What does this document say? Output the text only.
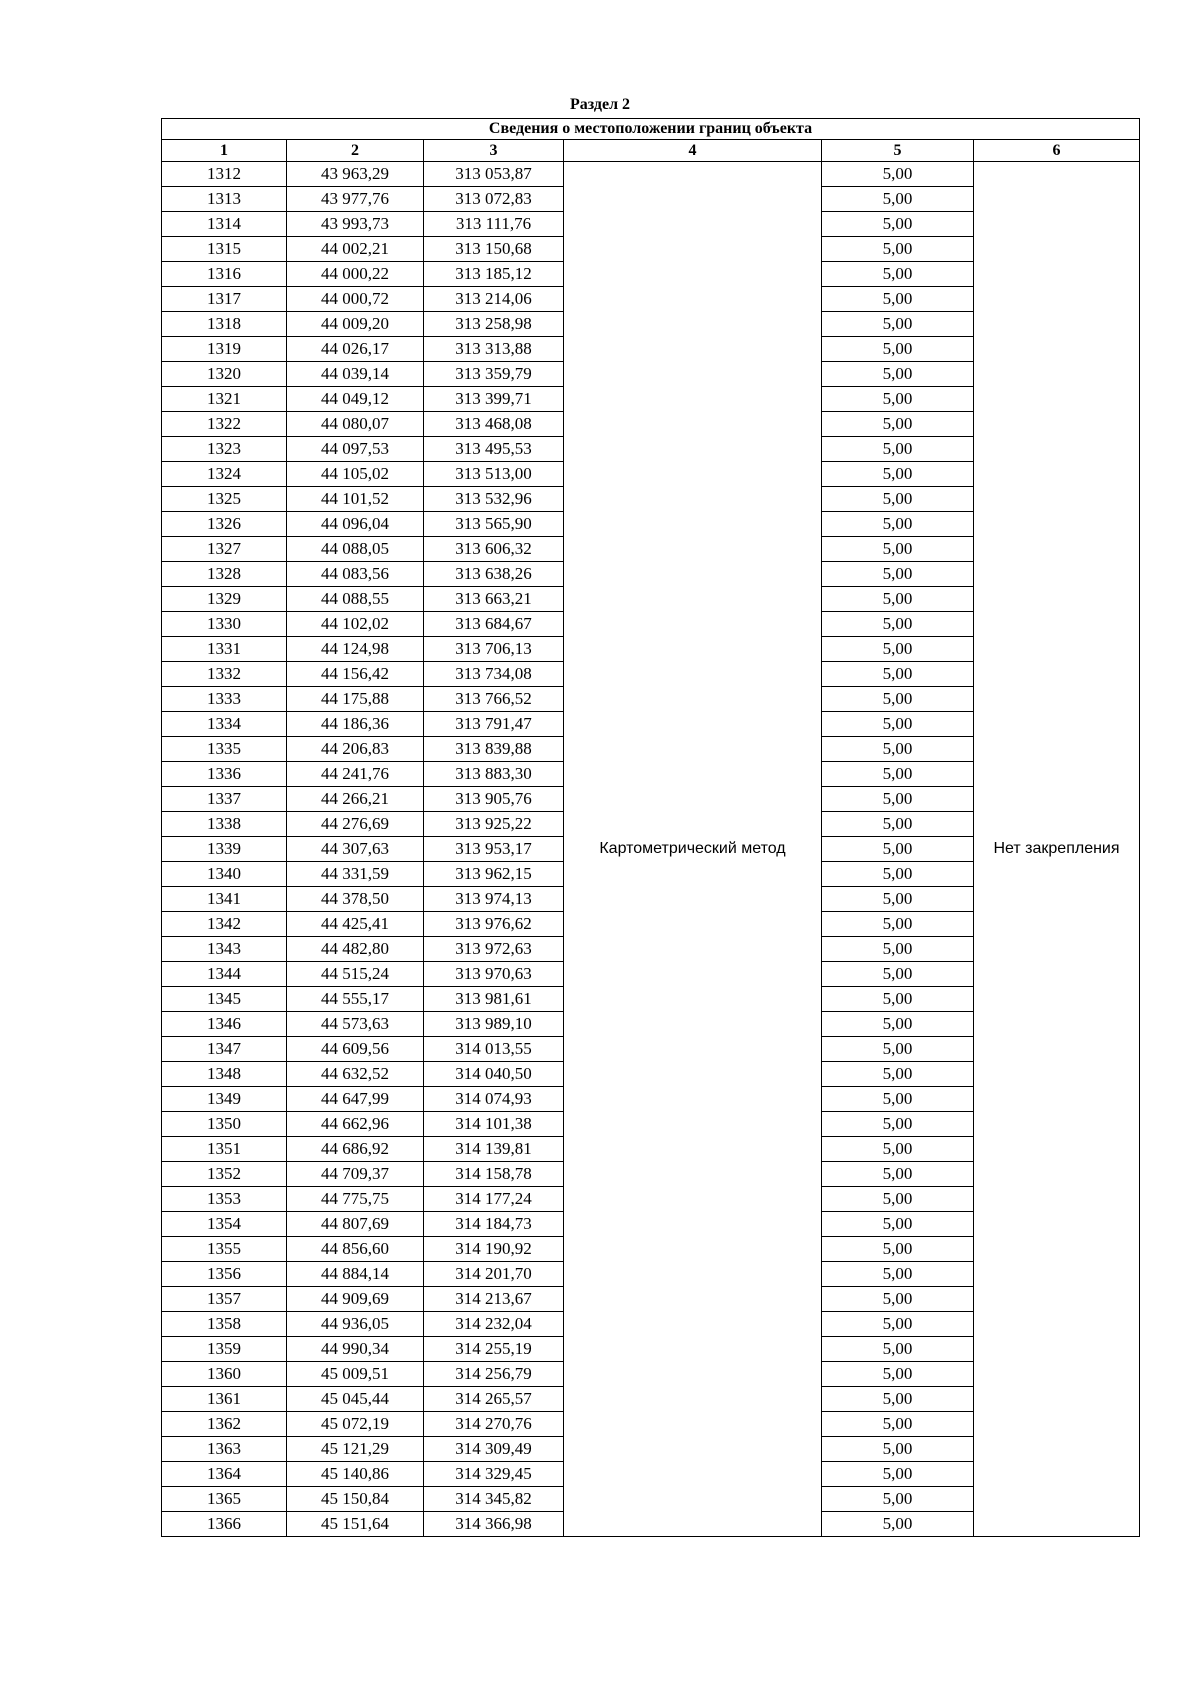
Раздел 2
Сведения о местоположении границ объекта					
1	2	3	4	5	6
1312	43 963,29	313 053,87	Картометрический метод	5,00	Нет закрепления
1313	43 977,76	313 072,83		5,00	
1314	43 993,73	313 111,76		5,00	
1315	44 002,21	313 150,68		5,00	
1316	44 000,22	313 185,12		5,00	
1317	44 000,72	313 214,06		5,00	
1318	44 009,20	313 258,98		5,00	
1319	44 026,17	313 313,88		5,00	
1320	44 039,14	313 359,79		5,00	
1321	44 049,12	313 399,71		5,00	
1322	44 080,07	313 468,08		5,00	
1323	44 097,53	313 495,53		5,00	
1324	44 105,02	313 513,00		5,00	
1325	44 101,52	313 532,96		5,00	
1326	44 096,04	313 565,90		5,00	
1327	44 088,05	313 606,32		5,00	
1328	44 083,56	313 638,26		5,00	
1329	44 088,55	313 663,21		5,00	
1330	44 102,02	313 684,67		5,00	
1331	44 124,98	313 706,13		5,00	
1332	44 156,42	313 734,08		5,00	
1333	44 175,88	313 766,52		5,00	
1334	44 186,36	313 791,47		5,00	
1335	44 206,83	313 839,88		5,00	
1336	44 241,76	313 883,30		5,00	
1337	44 266,21	313 905,76		5,00	
1338	44 276,69	313 925,22		5,00	
1339	44 307,63	313 953,17		5,00	
1340	44 331,59	313 962,15		5,00	
1341	44 378,50	313 974,13		5,00	
1342	44 425,41	313 976,62		5,00	
1343	44 482,80	313 972,63		5,00	
1344	44 515,24	313 970,63		5,00	
1345	44 555,17	313 981,61		5,00	
1346	44 573,63	313 989,10		5,00	
1347	44 609,56	314 013,55		5,00	
1348	44 632,52	314 040,50		5,00	
1349	44 647,99	314 074,93		5,00	
1350	44 662,96	314 101,38		5,00	
1351	44 686,92	314 139,81		5,00	
1352	44 709,37	314 158,78		5,00	
1353	44 775,75	314 177,24		5,00	
1354	44 807,69	314 184,73		5,00	
1355	44 856,60	314 190,92		5,00	
1356	44 884,14	314 201,70		5,00	
1357	44 909,69	314 213,67		5,00	
1358	44 936,05	314 232,04		5,00	
1359	44 990,34	314 255,19		5,00	
1360	45 009,51	314 256,79		5,00	
1361	45 045,44	314 265,57		5,00	
1362	45 072,19	314 270,76		5,00	
1363	45 121,29	314 309,49		5,00	
1364	45 140,86	314 329,45		5,00	
1365	45 150,84	314 345,82		5,00	
1366	45 151,64	314 366,98		5,00	
